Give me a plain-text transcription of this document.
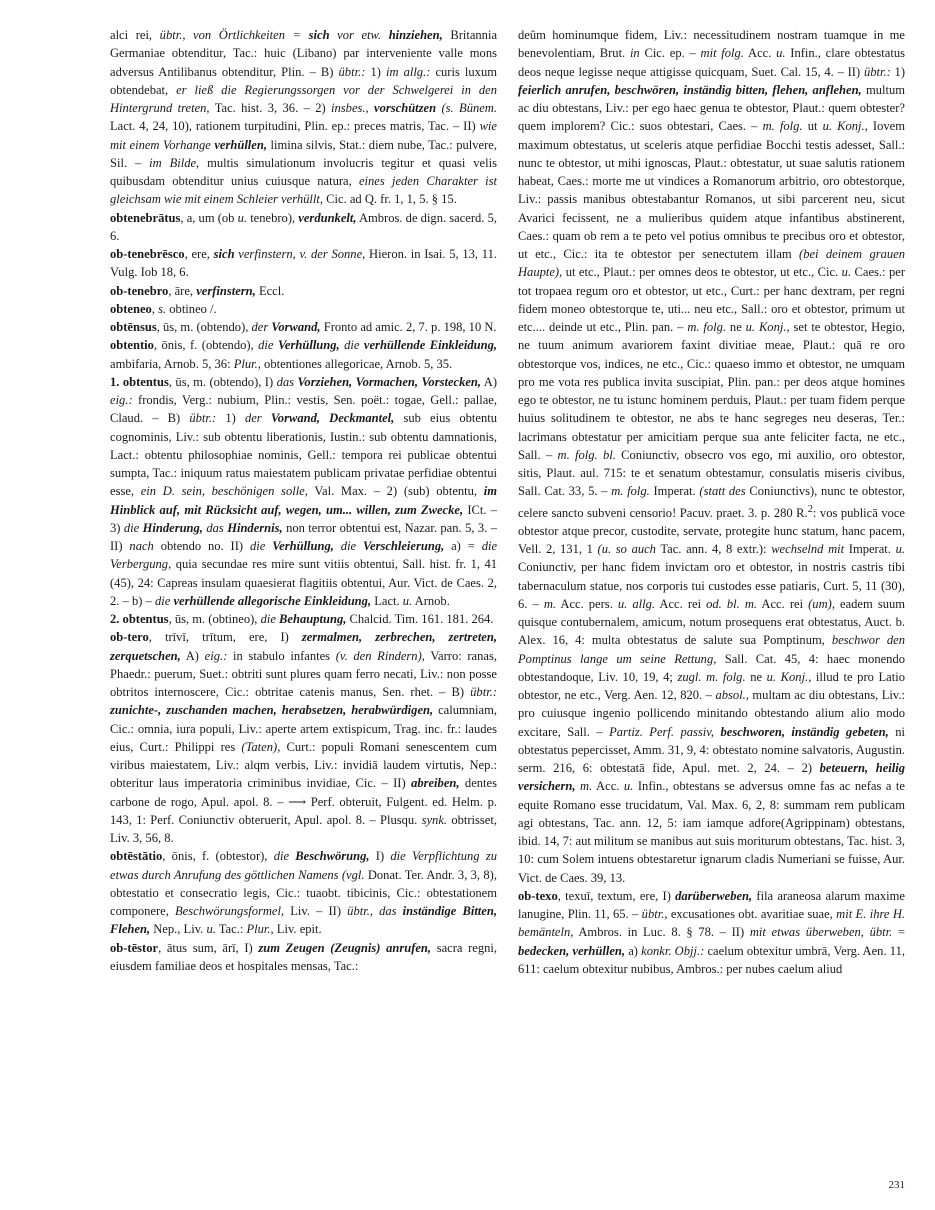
alci rei, übtr., von Örtlichkeiten = sich vor etw. hinziehen, Britannia Germaniae obtenditur, Tac.: huic (Libano) par interveniente valle mons adversus Antilibanus obtenditur, Plin. – B) übtr.: 1) im allg.: curis luxum obtendebat, er ließ die Regierungssorgen vor der Schwelgerei in den Hintergrund treten, Tac. hist. 3, 36. – 2) insbes., vorschützen (s. Bünem. Lact. 4, 24, 10), rationem turpitudini, Plin. ep.: preces matris, Tac. – II) wie mit einem Vorhange verhüllen, limina silvis, Stat.: diem nube, Tac.: pulvere, Sil. – im Bilde, multis simulationum involucris tegitur et quasi velis quibusdam obtenditur unius cuiusque natura, eines jeden Charakter ist gleichsam wie mit einem Schleier verhüllt, Cic. ad Q. fr. 1, 1, 5. § 15.

obtenebrātus, a, um (ob u. tenebro), verdunkelt, Ambros. de dign. sacerd. 5, 6.

ob-tenebrēsco, ere, sich verfinstern, v. der Sonne, Hieron. in Isai. 5, 13, 11. Vulg. Iob 18, 6.

ob-tenebro, āre, verfinstern, Eccl.

obteneo, s. obtineo /.

obtēnsus, ūs, m. (obtendo), der Vorwand, Fronto ad amic. 2, 7. p. 198, 10 N.

obtentio, ōnis, f. (obtendo), die Verhüllung, die verhüllende Einkleidung, ambifaria, Arnob. 5, 36: Plur., obtentiones allegoricae, Arnob. 5, 35.

1. obtentus, ūs, m. (obtendo), I) das Vorziehen, Vormachen, Vorstecken, A) eig.: frondis, Verg.: nubium, Plin.: vestis, Sen. poët.: togae, Gell.: pallae, Claud. – B) übtr.: 1) der Vorwand, Deckmantel, sub eius obtentu cognominis, Liv.: sub obtentu liberationis, Iustin.: sub obtentu damnationis, Lact.: obtentu philosophiae nominis, Gell.: tempora rei publicae obtentui sumpta, Tac.: iniquum ratus maiestatem publicam privatae perfidiae obtentui esse, ein D. sein, beschönigen solle, Val. Max. – 2) (sub) obtentu, im Hinblick auf, mit Rücksicht auf, wegen, um... willen, zum Zwecke, ICt. – 3) die Hinderung, das Hindernis, non terror obtentui est, Nazar. pan. 5, 3. – II) nach obtendo no. II) die Verhüllung, die Verschleierung, a) = die Verbergung, quia secundae res mire sunt vitiis obtentui, Sall. hist. fr. 1, 41 (45), 24: Capreas insulam quaesierat flagitiis obtentui, Aur. Vict. de Caes. 2, 2. – b) – die verhüllende allegorische Einkleidung, Lact. u. Arnob.

2. obtentus, ūs, m. (obtineo), die Behauptung, Chalcid. Tim. 161. 181. 264.

ob-tero, trīvī, trītum, ere, I) zermalmen, zerbrechen, zertreten, zerquetschen, A) eig.: in stabulo infantes (v. den Rindern), Varro: ranas, Phaedr.: puerum, Suet.: obtriti sunt plures quam ferro necati, Liv.: non posse obtritos internoscere, Cic.: obtritae catenis manus, Sen. rhet. – B) übtr.: zunichte-, zuschanden machen, herabsetzen, herabwürdigen, calumniam, Cic.: omnia, iura populi, Liv.: aperte artem extispicum, Trag. inc. fr.: laudes eius, Curt.: Philippi res (Taten), Curt.: populi Romani senescentem cum viribus maiestatem, Liv.: alqm verbis, Liv.: invidiā laudem virtutis, Nep.: obteritur laus imperatoria criminibus invidiae, Cic. – II) abreiben, dentes carbone de rogo, Apul. apol. 8. – ⟶ Perf. obteruit, Fulgent. ed. Helm. p. 143, 1: Perf. Coniunctiv obteruerit, Apul. apol. 8. – Plusqu. synk. obtrisset, Liv. 3, 56, 8.

obtēstātio, ōnis, f. (obtestor), die Beschwörung, I) die Verpflichtung zu etwas durch Anrufung des göttlichen Namens (vgl. Donat. Ter. Andr. 3, 3, 8), obtestatio et consecratio legis, Cic.: tuaobt. tibicinis, Cic.: obtestationem componere, Beschwörungsformel, Liv. – II) übtr., das inständige Bitten, Flehen, Nep., Liv. u. Tac.: Plur., Liv. epit.

ob-tēstor, ātus sum, ārī, I) zum Zeugen (Zeugnis) anrufen, sacra regni, eiusdem familiae deos et hospitales mensas, Tac.:

deûm hominumque fidem, Liv.: necessitudinem nostram tuamque in me benevolentiam, Brut. in Cic. ep. – mit folg. Acc. u. Infin., clare obtestatus deos neque legisse neque attigisse quicquam, Suet. Cal. 15, 4. – II) übtr.: 1) feierlich anrufen, beschwören, inständig bitten, flehen, anflehen, multum ac diu obtestans, Liv.: per ego haec genua te obtestor, Plaut.: quem obtester? quem implorem? Cic.: suos obtestari, Caes. – m. folg. ut u. Konj., Iovem maximum obtestatus, ut sceleris atque perfidiae Bocchi testis adesset, Sall.: nunc te obtestor, ut mihi ignoscas, Plaut.: obtestatur, ut suae salutis rationem habeat, Caes.: morte me ut vindices a Romanorum arbitrio, oro obtestorque, Liv.: passis manibus obtestabantur Romanos, ut sibi parcerent neu, sicut Avarici fecissent, ne a mulieribus quidem atque infantibus abstinerent, Caes.: quam ob rem a te peto vel potius omnibus te precibus oro et obtestor, ut etc., Cic.: ita te obtestor per senectutem illam (bei deinem grauen Haupte), ut etc., Plaut.: per omnes deos te obtestor, ut etc., Cic. u. Caes.: per tot tropaea regum oro et obtestor, ut etc., Curt.: per hanc dextram, per regni fidem moneo obtestorque te, uti... neu etc., Sall.: oro et obtestor, primum ut etc.... deinde ut etc., Plin. pan. – m. folg. ne u. Konj., set te obtestor, Hegio, ne tuum animum avariorem faxint divitiae meae, Plaut.: quā re oro obtestorque vos, indices, ne etc., Cic.: quaeso immo et obtestor, ne umquam pro me vota res publica invita suscipiat, Plin. pan.: per deos atque homines ego te obtestor, ne tu istunc hominem perduis, Plaut.: per tuam fidem perque huius solitudinem te obtestor, ne abs te hanc segreges neu deseras, Ter.: lacrimans obtestatur per amicitiam perque sua ante feliciter facta, ne etc., Sall. – m. folg. bl. Coniunctiv, obsecro vos ego, mi auxilio, oro obtestor, sitis, Plaut. aul. 715: te et senatum obtestamur, consulatis miseris civibus, Sall. Cat. 33, 5. – m. folg. Imperat. (statt des Coniunctivs), nunc te obtestor, celere sancto subveni censorio! Pacuv. praet. 3. p. 280 R.$^2$: vos publicā voce obtestor atque precor, custodite, servate, protegite hunc statum, hanc pacem, Vell. 2, 131, 1 (u. so auch Tac. ann. 4, 8 extr.): wechselnd mit Imperat. u. Coniunctiv, per hanc fidem invictam oro et obtestor, in nostris castris tibi tabernaculum statue, nos corporis tui custodes esse patiaris, Curt. 5, 11 (30), 6. – m. Acc. pers. u. allg. Acc. rei od. bl. m. Acc. rei (um), eadem suum quisque contubernalem, amicum, notum prosequens erat obtestatus, Auct. b. Alex. 16, 4: multa obtestatus de salute sua Pomptinum, beschwor den Pomptinus lange um seine Rettung, Sall. Cat. 45, 4: haec monendo obtestandoque, Liv. 10, 19, 4; zugl. m. folg. ne u. Konj., illud te pro Latio obtestor, ne etc., Verg. Aen. 12, 820. – absol., multam ac diu obtestans, Liv.: pro cuiusque ingenio pollicendo minitando obtestando alium alio modo excitare, Sall. – Partiz. Perf. passiv, beschworen, inständig gebeten, ni obtestatus pepercisset, Amm. 31, 9, 4: obtestato nomine salvatoris, Augustin. serm. 216, 6: obtestatā fide, Apul. met. 2, 24. – 2) beteuern, heilig versichern, m. Acc. u. Infin., obtestans se adversus omne fas ac nefas a te equite Romano esse trucidatum, Val. Max. 6, 2, 8: summam rem publicam agi obtestans, Tac. ann. 12, 5: iam iamque adfore(Agrippinam) obtestans, ibid. 14, 7: aut militum se manibus aut suis moriturum obtestans, Tac. hist. 3, 10: cum Solem intuens obtestaretur ignarum cladis Numeriani se fuisse, Aur. Vict. de Caes. 39, 13.

ob-texo, texuī, textum, ere, I) darüberweben, fila araneosa alarum maxime lanugine, Plin. 11, 65. – übtr., excusationes obt. avaritiae suae, mit E. ihre H. bemänteln, Ambros. in Luc. 8. § 78. – II) mit etwas überweben, übtr. = bedecken, verhüllen, a) konkr. Objj.: caelum obtexitur umbrā, Verg. Aen. 11, 611: caelum obtexitur nubibus, Ambros.: per nubes caelum aliud

231
